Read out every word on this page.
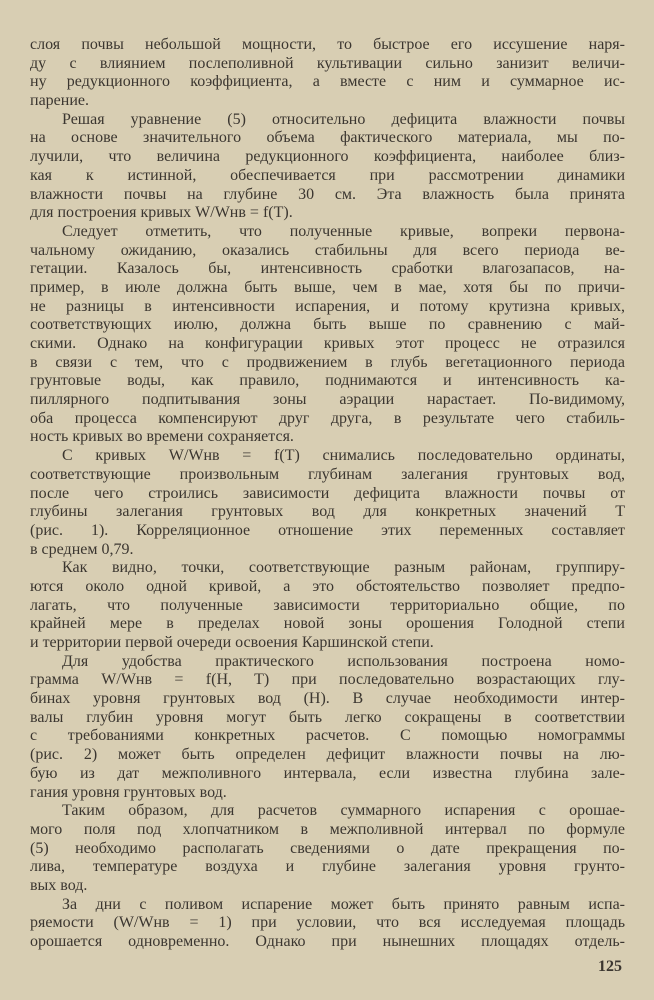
слоя почвы небольшой мощности, то быстрое его иссушение наря-
ду с влиянием послеполивной культивации сильно занизит величи-
ну редукционного коэффициента, а вместе с ним и суммарное ис-
парение.
Решая уравнение (5) относительно дефицита влажности почвы
на основе значительного объема фактического материала, мы по-
лучили, что величина редукционного коэффициента, наиболее близ-
кая к истинной, обеспечивается при рассмотрении динамики
влажности почвы на глубине 30 см. Эта влажность была принята
для построения кривых W/Wнв = f(T).
Следует отметить, что полученные кривые, вопреки первона-
чальному ожиданию, оказались стабильны для всего периода ве-
гетации. Казалось бы, интенсивность сработки влагозапасов, на-
пример, в июле должна быть выше, чем в мае, хотя бы по причи-
не разницы в интенсивности испарения, и потому крутизна кривых,
соответствующих июлю, должна быть выше по сравнению с май-
скими. Однако на конфигурации кривых этот процесс не отразился
в связи с тем, что с продвижением в глубь вегетационного периода
грунтовые воды, как правило, поднимаются и интенсивность ка-
пиллярного подпитывания зоны аэрации нарастает. По-видимому,
оба процесса компенсируют друг друга, в результате чего стабиль-
ность кривых во времени сохраняется.
С кривых W/Wнв = f(T) снимались последовательно ординаты,
соответствующие произвольным глубинам залегания грунтовых вод,
после чего строились зависимости дефицита влажности почвы от
глубины залегания грунтовых вод для конкретных значений T
(рис. 1). Корреляционное отношение этих переменных составляет
в среднем 0,79.
Как видно, точки, соответствующие разным районам, группиру-
ются около одной кривой, а это обстоятельство позволяет предпо-
лагать, что полученные зависимости территориально общие, по
крайней мере в пределах новой зоны орошения Голодной степи
и территории первой очереди освоения Каршинской степи.
Для удобства практического использования построена номо-
грамма W/Wнв = f(H, T) при последовательно возрастающих глу-
бинах уровня грунтовых вод (H). В случае необходимости интер-
валы глубин уровня могут быть легко сокращены в соответствии
с требованиями конкретных расчетов. С помощью номограммы
(рис. 2) может быть определен дефицит влажности почвы на лю-
бую из дат межполивного интервала, если известна глубина зале-
гания уровня грунтовых вод.
Таким образом, для расчетов суммарного испарения с орошае-
мого поля под хлопчатником в межполивной интервал по формуле
(5) необходимо располагать сведениями о дате прекращения по-
лива, температуре воздуха и глубине залегания уровня грунто-
вых вод.
За дни с поливом испарение может быть принято равным испа-
ряемости (W/Wнв = 1) при условии, что вся исследуемая площадь
орошается одновременно. Однако при нынешних площадях отдель-
125
